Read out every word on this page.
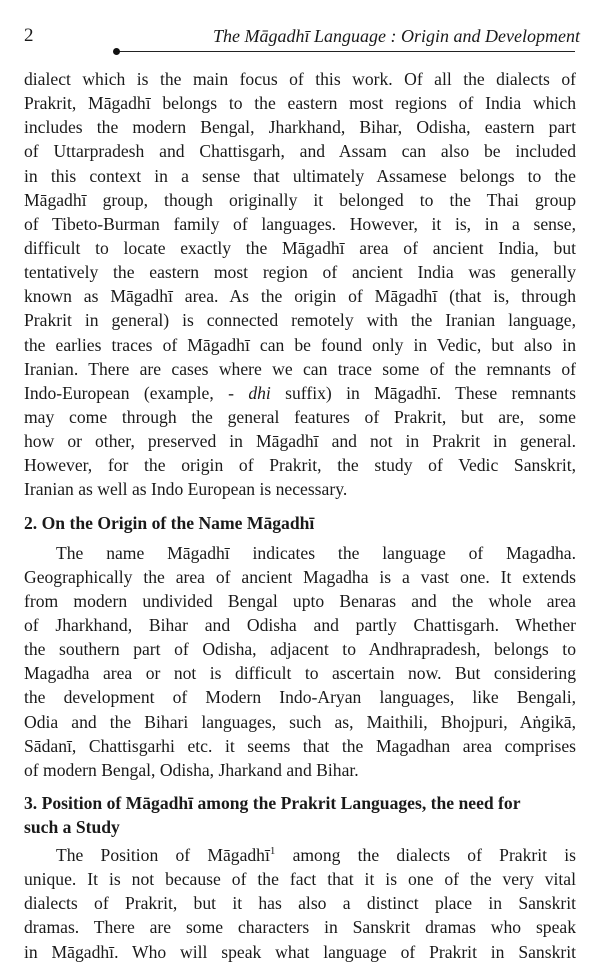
2	The Māgadhī Language : Origin and Development
dialect which is the main focus of this work. Of all the dialects of
Prakrit, Māgadhī belongs to the eastern most regions of India which
includes the modern Bengal, Jharkhand, Bihar, Odisha, eastern part
of Uttarpradesh and Chattisgarh, and Assam can also be included
in this context in a sense that ultimately Assamese belongs to the
Māgadhī group, though originally it belonged to the Thai group
of Tibeto-Burman family of languages. However, it is, in a sense,
difficult to locate exactly the Māgadhī area of ancient India, but
tentatively the eastern most region of ancient India was generally
known as Māgadhī area. As the origin of Māgadhī (that is, through
Prakrit in general) is connected remotely with the Iranian language,
the earlies traces of Māgadhī can be found only in Vedic, but also in
Iranian. There are cases where we can trace some of the remnants of
Indo-European (example, - dhi suffix) in Māgadhī. These remnants
may come through the general features of Prakrit, but are, some
how or other, preserved in Māgadhī and not in Prakrit in general.
However, for the origin of Prakrit, the study of Vedic Sanskrit,
Iranian as well as Indo European is necessary.
2. On the Origin of the Name Māgadhī
The name Māgadhī indicates the language of Magadha.
Geographically the area of ancient Magadha is a vast one. It extends
from modern undivided Bengal upto Benaras and the whole area
of Jharkhand, Bihar and Odisha and partly Chattisgarh. Whether
the southern part of Odisha, adjacent to Andhrapradesh, belongs to
Magadha area or not is difficult to ascertain now. But considering
the development of Modern Indo-Aryan languages, like Bengali,
Odia and the Bihari languages, such as, Maithili, Bhojpuri, Aṅgikā,
Sādanī, Chattisgarhi etc. it seems that the Magadhan area comprises
of modern Bengal, Odisha, Jharkand and Bihar.
3. Position of Māgadhī among the Prakrit Languages, the need for
such a Study
The Position of Māgadhī$^1$ among the dialects of Prakrit is
unique. It is not because of the fact that it is one of the very vital
dialects of Prakrit, but it has also a distinct place in Sanskrit
dramas. There are some characters in Sanskrit dramas who speak
in Māgadhī. Who will speak what language of Prakrit in Sanskrit
